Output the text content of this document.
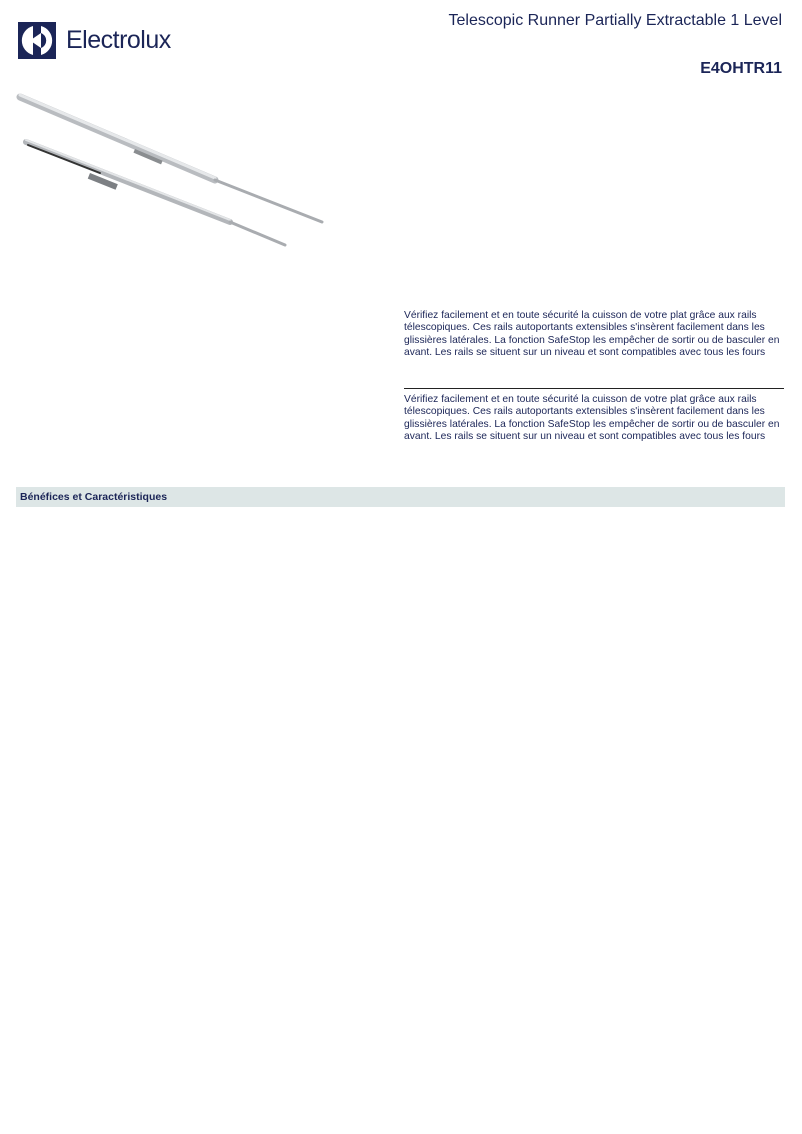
Electrolux
Telescopic Runner Partially Extractable 1 Level
E4OHTR11
Vérifiez facilement et en toute sécurité la cuisson de votre plat grâce aux rails télescopiques. Ces rails autoportants extensibles s'insèrent facilement dans les glissières latérales. La fonction SafeStop les empêcher de sortir ou de basculer en avant. Les rails se situent sur un niveau et sont compatibles avec tous les fours
Vérifiez facilement et en toute sécurité la cuisson de votre plat grâce aux rails télescopiques. Ces rails autoportants extensibles s'insèrent facilement dans les glissières latérales. La fonction SafeStop les empêcher de sortir ou de basculer en avant. Les rails se situent sur un niveau et sont compatibles avec tous les fours
Bénéfices et Caractéristiques
